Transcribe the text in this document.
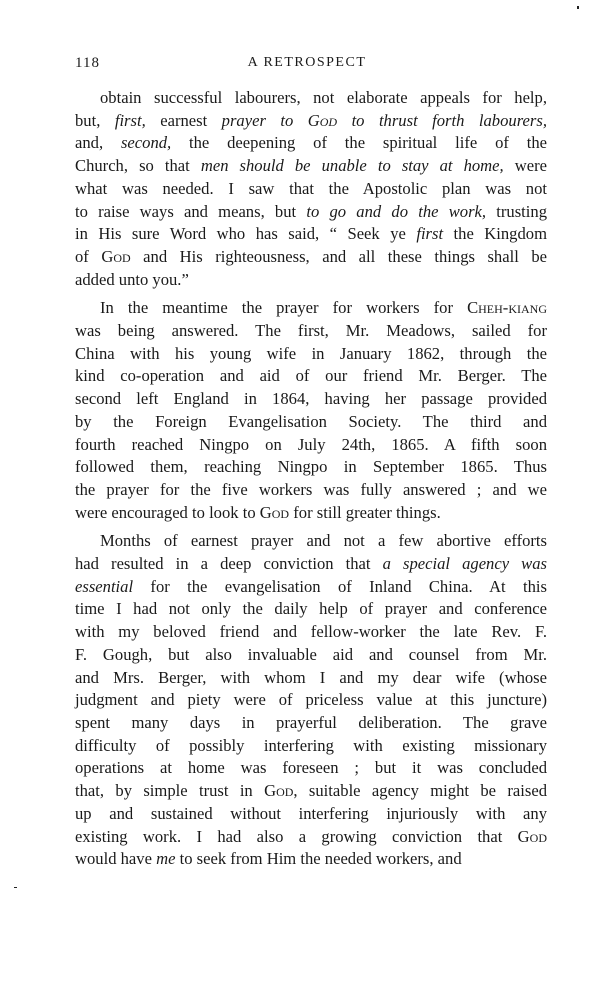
118	A RETROSPECT
obtain successful labourers, not elaborate appeals for help,
but, first, earnest prayer to God to thrust forth labourers,
and, second, the deepening of the spiritual life of the
Church, so that men should be unable to stay at home, were
what was needed. I saw that the Apostolic plan was not
to raise ways and means, but to go and do the work, trusting
in His sure Word who has said, “ Seek ye first the Kingdom
of God and His righteousness, and all these things shall be
added unto you.”
In the meantime the prayer for workers for Cheh-kiang
was being answered. The first, Mr. Meadows, sailed for
China with his young wife in January 1862, through the
kind co-operation and aid of our friend Mr. Berger. The
second left England in 1864, having her passage provided
by the Foreign Evangelisation Society. The third and
fourth reached Ningpo on July 24th, 1865. A fifth soon
followed them, reaching Ningpo in September 1865. Thus
the prayer for the five workers was fully answered ; and we
were encouraged to look to God for still greater things.
Months of earnest prayer and not a few abortive efforts
had resulted in a deep conviction that a special agency was
essential for the evangelisation of Inland China. At this
time I had not only the daily help of prayer and conference
with my beloved friend and fellow-worker the late Rev. F.
F. Gough, but also invaluable aid and counsel from Mr.
and Mrs. Berger, with whom I and my dear wife (whose
judgment and piety were of priceless value at this juncture)
spent many days in prayerful deliberation. The grave
difficulty of possibly interfering with existing missionary
operations at home was foreseen ; but it was concluded
that, by simple trust in God, suitable agency might be raised
up and sustained without interfering injuriously with any
existing work. I had also a growing conviction that God
would have me to seek from Him the needed workers, and
